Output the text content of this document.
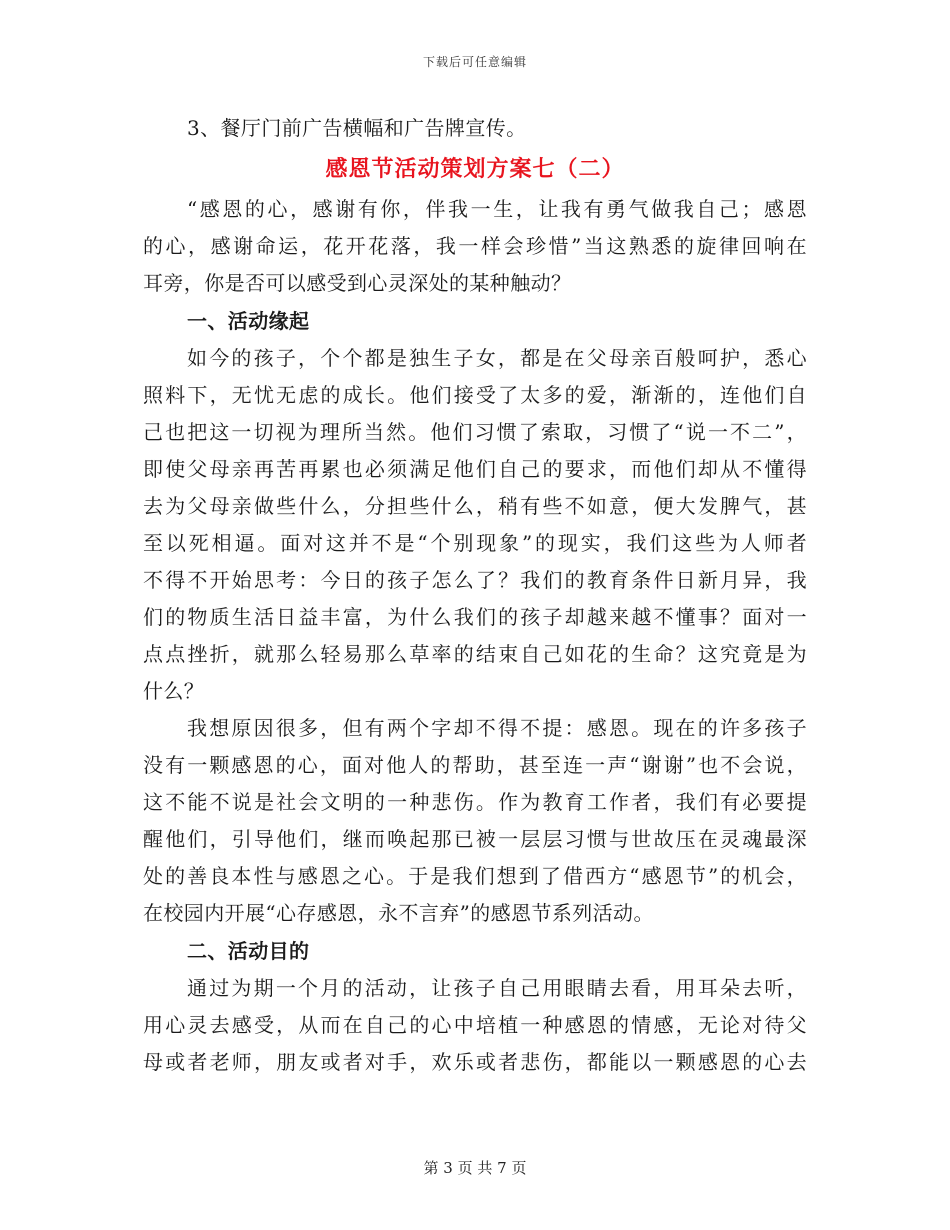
下载后可任意编辑
3、餐厅门前广告横幅和广告牌宣传。
感恩节活动策划方案七（二）
“感恩的心，感谢有你，伴我一生，让我有勇气做我自己；感恩
的心，感谢命运，花开花落，我一样会珍惜”当这熟悉的旋律回响在
耳旁，你是否可以感受到心灵深处的某种触动？
一、活动缘起
如今的孩子，个个都是独生子女，都是在父母亲百般呵护，悉心
照料下，无忧无虑的成长。他们接受了太多的爱，渐渐的，连他们自
己也把这一切视为理所当然。他们习惯了索取，习惯了“说一不二”，
即使父母亲再苦再累也必须满足他们自己的要求，而他们却从不懂得
去为父母亲做些什么，分担些什么，稍有些不如意，便大发脾气，甚
至以死相逼。面对这并不是“个别现象”的现实，我们这些为人师者
不得不开始思考：今日的孩子怎么了？我们的教育条件日新月异，我
们的物质生活日益丰富，为什么我们的孩子却越来越不懂事？面对一
点点挫折，就那么轻易那么草率的结束自己如花的生命？这究竟是为
什么？
我想原因很多，但有两个字却不得不提：感恩。现在的许多孩子
没有一颗感恩的心，面对他人的帮助，甚至连一声“谢谢”也不会说，
这不能不说是社会文明的一种悲伤。作为教育工作者，我们有必要提
醒他们，引导他们，继而唤起那已被一层层习惯与世故压在灵魂最深
处的善良本性与感恩之心。于是我们想到了借西方“感恩节”的机会，
在校园内开展“心存感恩，永不言弃”的感恩节系列活动。
二、活动目的
通过为期一个月的活动，让孩子自己用眼睛去看，用耳朵去听，
用心灵去感受，从而在自己的心中培植一种感恩的情感，无论对待父
母或者老师，朋友或者对手，欢乐或者悲伤，都能以一颗感恩的心去
第 3 页 共 7 页
